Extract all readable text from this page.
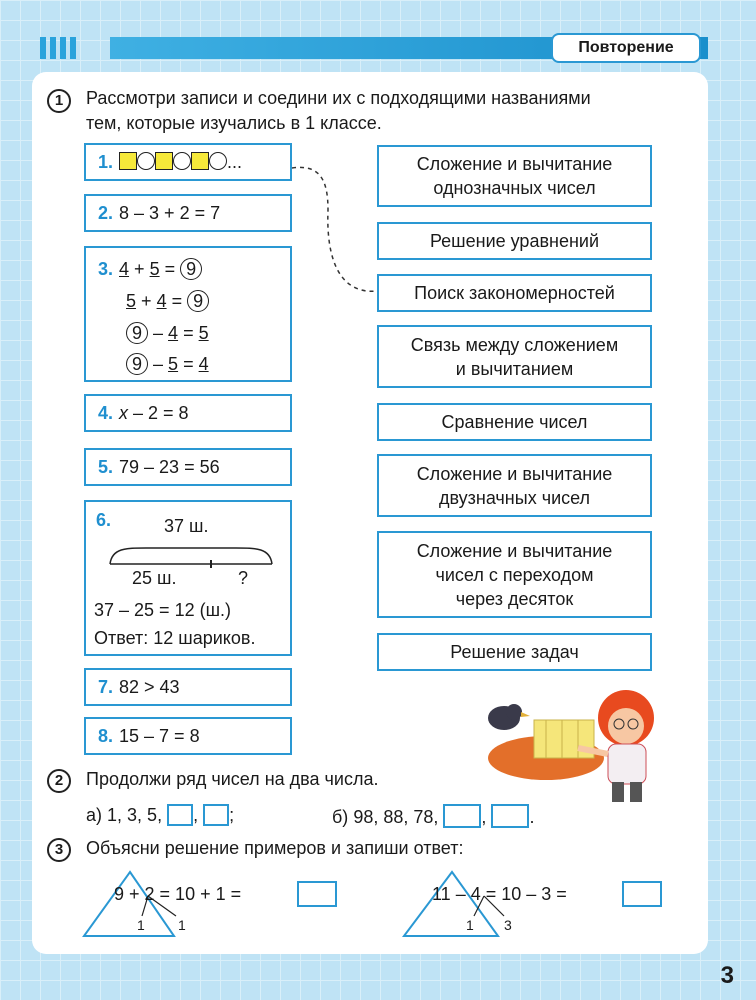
Повторение
1	Рассмотри записи и соедини их с подходящими названиями
тем, которые изучались в 1 классе.
1.	...
2. 8 – 3 + 2 = 7
3. 4 + 5 = 9
5 + 4 = 9
9 – 4 = 5
9 – 5 = 4
4. x – 2 = 8
5. 79 – 23 = 56
6.	37 ш.
25 ш.	?
37 – 25 = 12 (ш.)
Ответ: 12 шариков.
7. 82 > 43
8. 15 – 7 = 8
Сложение и вычитание
однозначных чисел
Решение уравнений
Поиск закономерностей
Связь между сложением
и вычитанием
Сравнение чисел
Сложение и вычитание
двузначных чисел
Сложение и вычитание
чисел с переходом
через десяток
Решение задач
2	Продолжи ряд чисел на два числа.
а) 1, 3, 5, , ;	б) 98, 88, 78, , .
3	Объясни решение примеров и запиши ответ:
9 + 2 = 10 + 1 =
1 1
11 – 4 = 10 – 3 =
1 3
3
